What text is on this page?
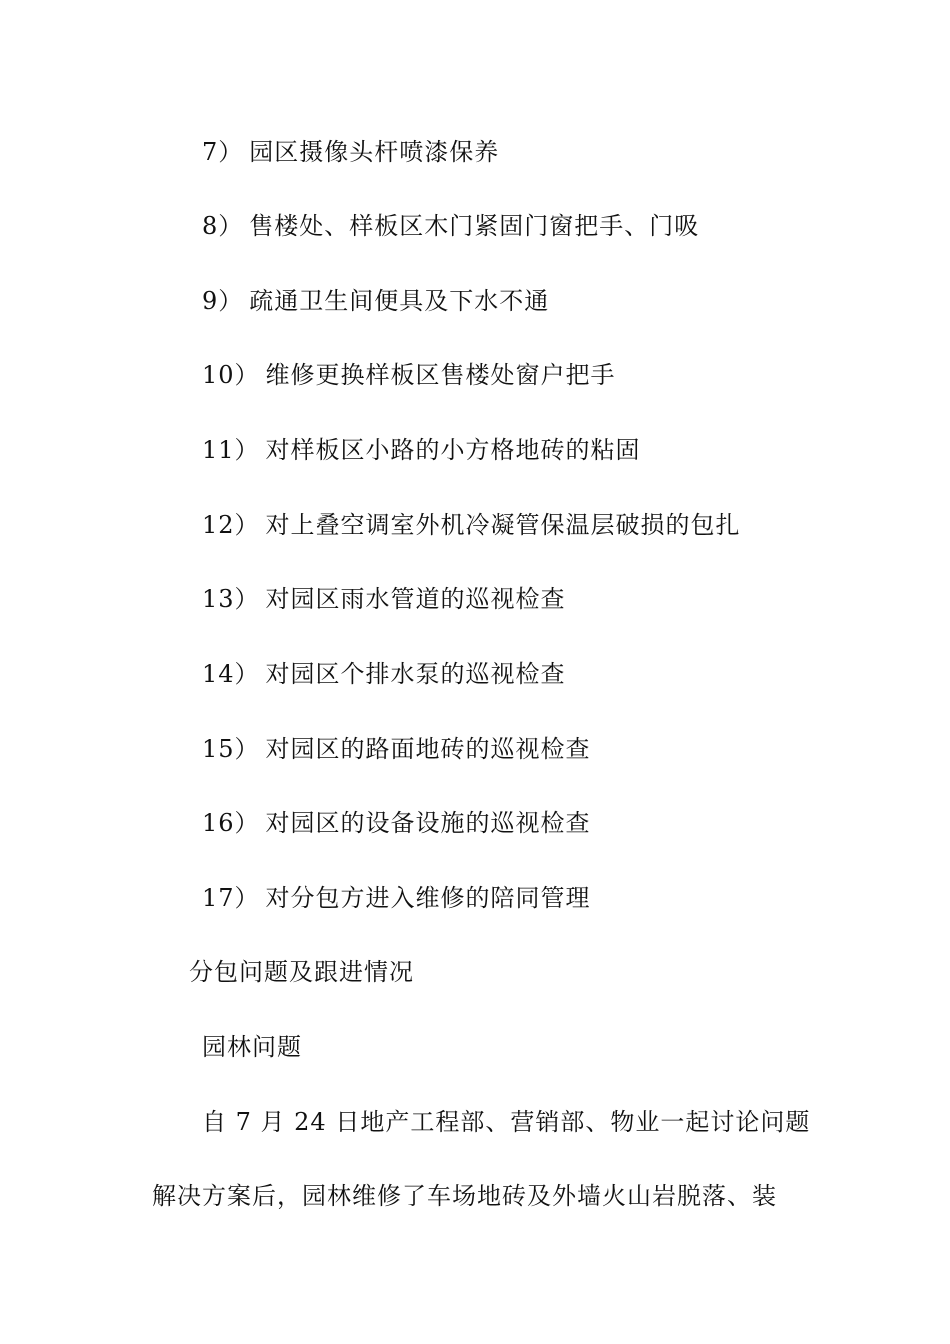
7） 园区摄像头杆喷漆保养
8） 售楼处、样板区木门紧固门窗把手、门吸
9） 疏通卫生间便具及下水不通
10） 维修更换样板区售楼处窗户把手
11） 对样板区小路的小方格地砖的粘固
12） 对上叠空调室外机冷凝管保温层破损的包扎
13） 对园区雨水管道的巡视检查
14） 对园区个排水泵的巡视检查
15） 对园区的路面地砖的巡视检查
16） 对园区的设备设施的巡视检查
17） 对分包方进入维修的陪同管理
分包问题及跟进情况
园林问题
自 7 月 24 日地产工程部、营销部、物业一起讨论问题
解决方案后，园林维修了车场地砖及外墙火山岩脱落、装
